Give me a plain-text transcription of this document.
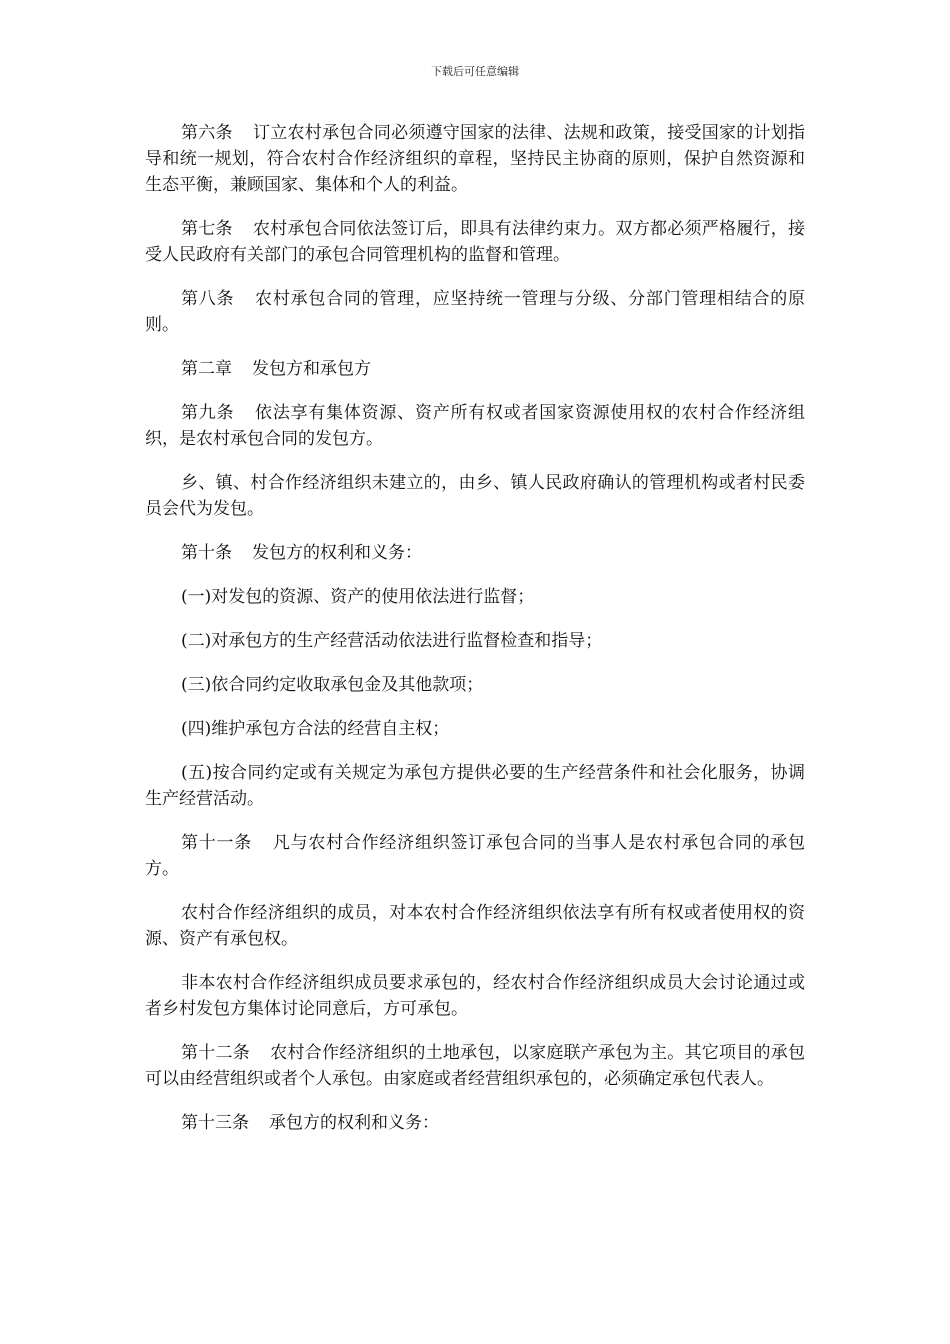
下载后可任意编辑

第六条 订立农村承包合同必须遵守国家的法律、法规和政策，接受国家的计划指导和统一规划，符合农村合作经济组织的章程，坚持民主协商的原则，保护自然资源和生态平衡，兼顾国家、集体和个人的利益。

第七条 农村承包合同依法签订后，即具有法律约束力。双方都必须严格履行，接受人民政府有关部门的承包合同管理机构的监督和管理。

第八条 农村承包合同的管理，应坚持统一管理与分级、分部门管理相结合的原则。

第二章 发包方和承包方

第九条 依法享有集体资源、资产所有权或者国家资源使用权的农村合作经济组织，是农村承包合同的发包方。

乡、镇、村合作经济组织未建立的，由乡、镇人民政府确认的管理机构或者村民委员会代为发包。

第十条 发包方的权利和义务：

(一)对发包的资源、资产的使用依法进行监督；

(二)对承包方的生产经营活动依法进行监督检查和指导；

(三)依合同约定收取承包金及其他款项；

(四)维护承包方合法的经营自主权；

(五)按合同约定或有关规定为承包方提供必要的生产经营条件和社会化服务，协调生产经营活动。

第十一条 凡与农村合作经济组织签订承包合同的当事人是农村承包合同的承包方。

农村合作经济组织的成员，对本农村合作经济组织依法享有所有权或者使用权的资源、资产有承包权。

非本农村合作经济组织成员要求承包的，经农村合作经济组织成员大会讨论通过或者乡村发包方集体讨论同意后，方可承包。

第十二条 农村合作经济组织的土地承包，以家庭联产承包为主。其它项目的承包可以由经营组织或者个人承包。由家庭或者经营组织承包的，必须确定承包代表人。

第十三条 承包方的权利和义务：
